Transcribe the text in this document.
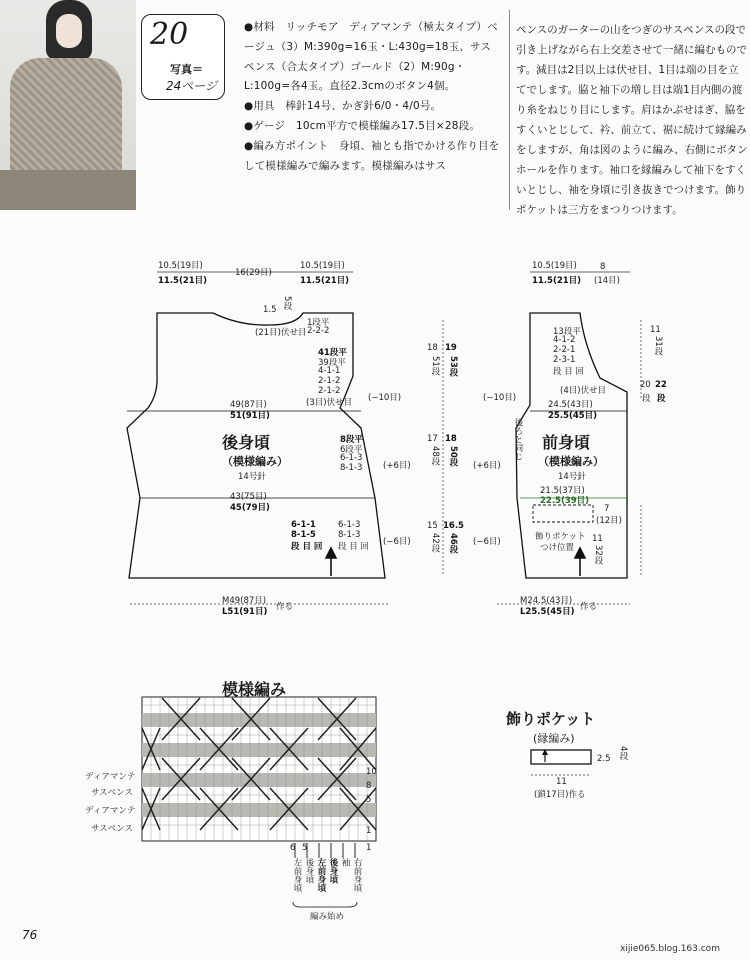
20
写真＝
24ページ

●材料　リッチモア　ディアマンテ（極太タイプ）ベージュ（3）M:390g=16玉・L:430g=18玉、サスペンス（合太タイプ）ゴールド（2）M:90g・L:100g=各4玉。直径2.3cmのボタン4個。

●用具　棒針14号、かぎ針6/0・4/0号。

●ゲージ　10cm平方で模様編み17.5目×28段。

●編み方ポイント　身頃、袖とも指でかける作り目をして模様編みで編みます。模様編みはサス

ペンスのガーターの山をつぎのサスペンスの段で
引き上げながら右上交差させて一緒に編むもので
す。減目は2目以上は伏せ目、1目は端の目を立
てでします。脇と袖下の増し目は端1目内側の渡
り糸をねじり目にします。肩はかぶせはぎ、脇を
すくいとじして、衿、前立て、裾に続けて縁編み
をしますが、角は図のように編み、右側にボタン
ホールを作ります。袖口を縁編みして袖下をすく
いとじし、袖を身頃に引き抜きでつけます。飾り
ポケットは三方をまつりつけます。
10.5(19目)
11.5(21目)
16(29目)
10.5(19目)
11.5(21目)
1.5
5段
(21目)伏せ目
1段平
2-2-2
41段平
39段平
4-1-1
2-1-2
2-1-2
(3目)伏せ目 (−10目)
49(87目)
51(91目)
後身頃
（模様編み）
14号針
8段平
6段平
6-1-3
8-1-3 (+6目)
43(75目)
45(79目)
6-1-1
8-1-5
段 目 回
6-1-3
8-1-3
段 目 回 (−6目)
M49(87目)
L51(91目) 作る
18 19
51段 53段
17 18
48段 50段
15 16.5
42段 46段
10.5(19目)
11.5(21目)
8
(14目)
13段平
4-1-2
2-2-1
2-3-1
段 目 回
(4目)伏せ目
11
31段
20 22
段 段
(−10目)
後ろと同じ
24.5(43目)
25.5(45目)
前身頃
（模様編み）
14号針
(+6目)
21.5(37目)
22.5(39目)
7
(12目)
(−6目)	飾りポケット
つけ位置
11
32段
M24.5(43目)
L25.5(45目) 作る
模様編み
ディアマンテ
サスペンス
ディアマンテ
サスペンス
10
8
5
1
6 5	1
左前身頃 後身頃 左前身頃 後身頃 袖 右前身頃
編み始め
飾りポケット
(縁編み)
2.5 4段
11
(鎖17目)作る
76
xijie065.blog.163.com
